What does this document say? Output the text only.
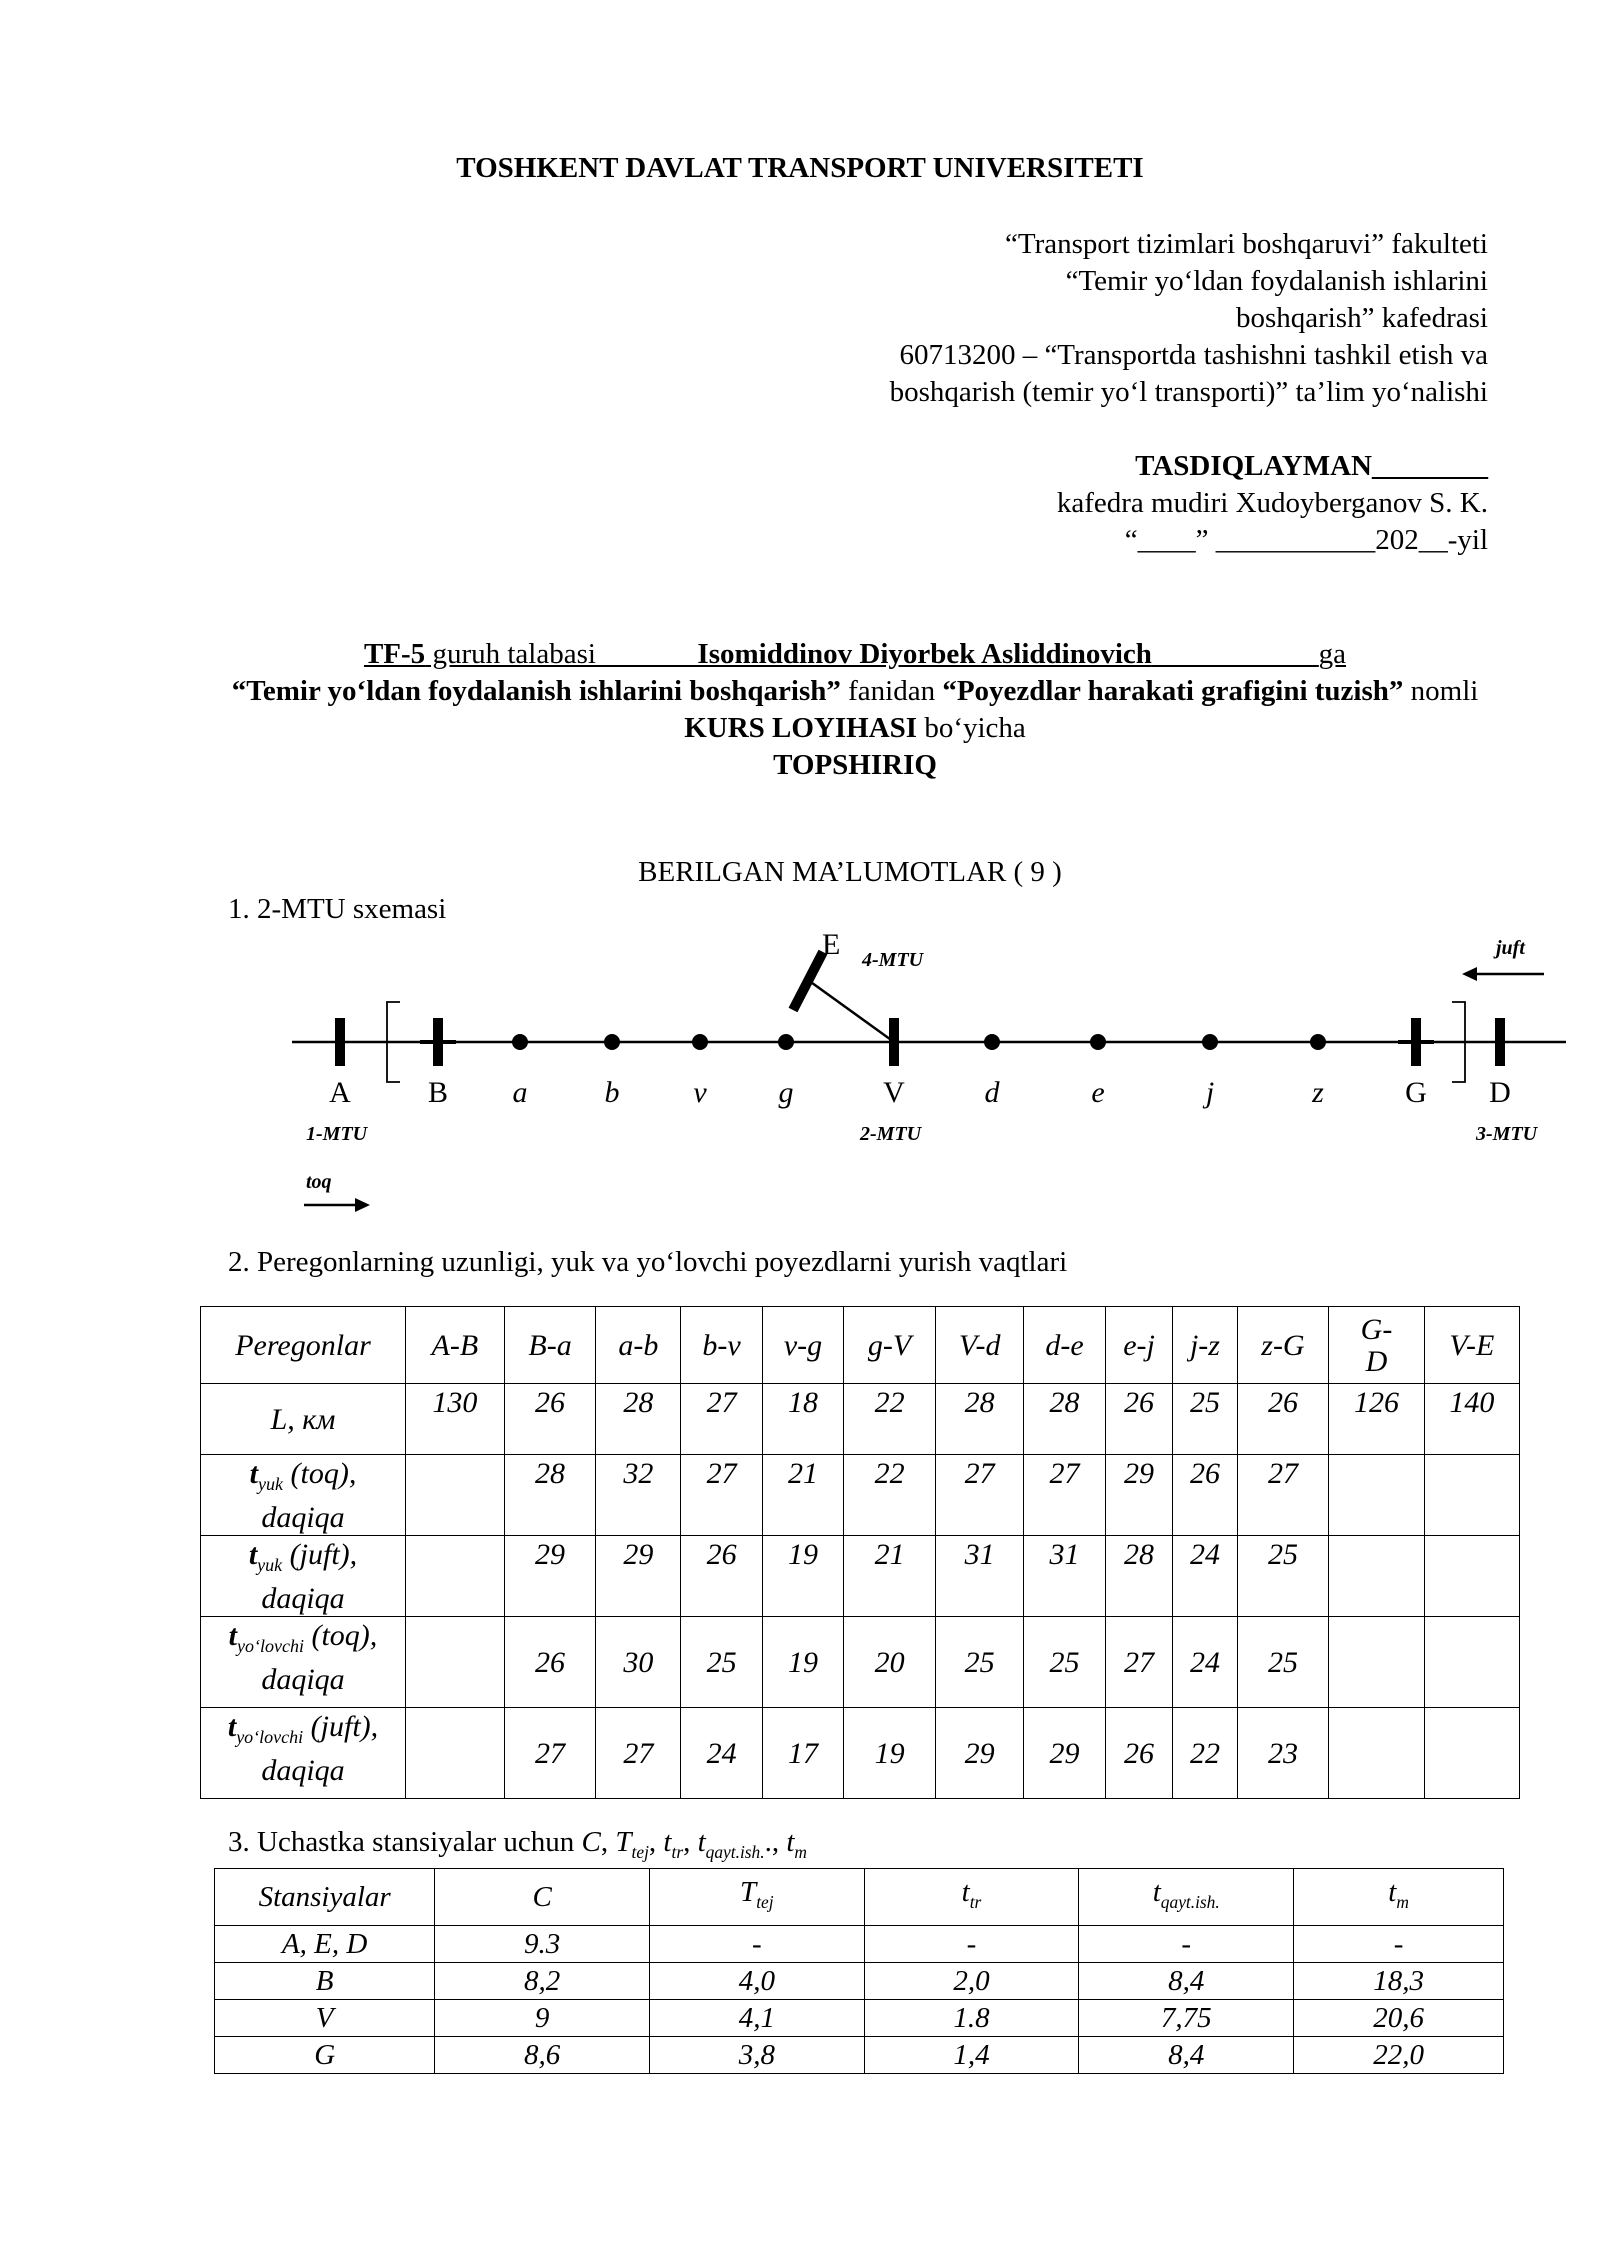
TOSHKENT DAVLAT TRANSPORT UNIVERSITETI
“Transport tizimlari boshqaruvi” fakulteti
“Temir yo‘ldan foydalanish ishlarini
boshqarish” kafedrasi
60713200 – “Transportda tashishni tashkil etish va
boshqarish (temir yo‘l transporti)” ta’lim yo‘nalishi
TASDIQLAYMAN________
kafedra mudiri Xudoyberganov S. K.
“____” ___________202__-yil
TF-5 guruh talabasi_______Isomiddinov Diyorbek Asliddinovich ___________ga
“Temir yo‘ldan foydalanish ishlarini boshqarish” fanidan “Poyezdlar harakati grafigini tuzish” nomli KURS LOYIHASI bo‘yicha
TOPSHIRIQ
BERILGAN MA’LUMOTLAR ( 9 )
1. 2-MTU sxemasi
E 4-MTU
A	B a	b v g	V	d	e	j	z	G D
1-MTU	2-MTU	3-MTU
toq
juft
2. Peregonlarning uzunligi, yuk va yo‘lovchi poyezdlarni yurish vaqtlari
Peregonlar	A-B	B-a	a-b	b-v	v-g	g-V	V-d	d-e	e-j	j-z	z-G	G-
D	V-E
L, км	130	26	28	27	18	22	28	28	26	25	26	126	140
$t_{yuk}$ (toq),
daqiqa		28	32	27	21	22	27	27	29	26	27		
$t_{yuk}$ (juft),
daqiqa		29	29	26	19	21	31	31	28	24	25		
$t_{yo‘lovchi}$ (toq),
daqiqa		26	30	25	19	20	25	25	27	24	25		
$t_{yo‘lovchi}$ (juft),
daqiqa		27	27	24	17	19	29	29	26	22	23		
3. Uchastka stansiyalar uchun C, $T_{tej}$, $t_{tr}$, $t_{qayt.ish.}$., $t_m$
Stansiyalar	C	$T_{tej}$	$t_{tr}$	$t_{qayt.ish.}$	$t_m$
A, E, D	9.3	-	-	-	-
B	8,2	4,0	2,0	8,4	18,3
V	9	4,1	1.8	7,75	20,6
G	8,6	3,8	1,4	8,4	22,0
